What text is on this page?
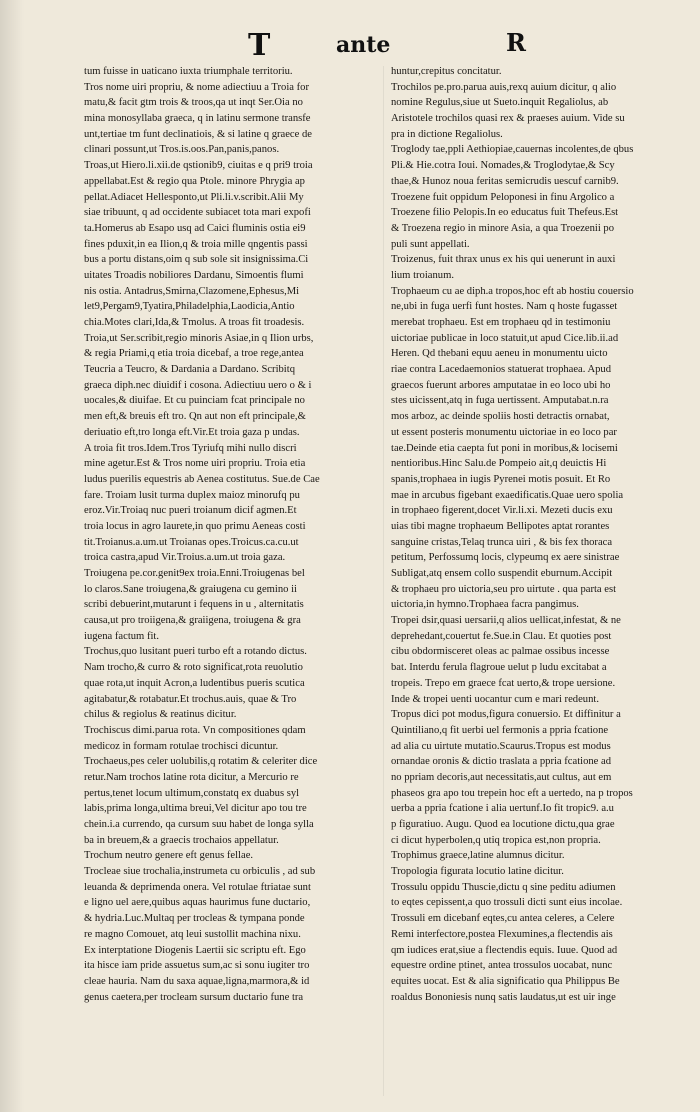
T	ante	R
tum fuisse in uaticano iuxta triumphale territoriu.
Tros nome uiri propriu, & nome adiectiuu a Troia for
matu,& facit gtm trois & troos,qa ut inqt Ser.Oia no
mina monosyllaba graeca, q in latinu sermone transfe
unt,tertiae tm funt declinatiois, & si latine q graece de
clinari possunt,ut Tros.is.oos.Pan,panis,panos.
Troas,ut Hiero.li.xii.de qstionib9, ciuitas e q pri9 troia
appellabat.Est & regio qua Ptole. minore Phrygia ap
pellat.Adiacet Hellesponto,ut Pli.li.v.scribit.Alii My
siae tribuunt, q ad occidente subiacet tota mari expofi
ta.Homerus ab Esapo usq ad Caici fluminis ostia ei9
fines pduxit,in ea Ilion,q & troia mille qngentis passi
bus a portu distans,oim q sub sole sit insignissima.Ci
uitates Troadis nobiliores Dardanu, Simoentis flumi
nis ostia. Antadrus,Smirna,Clazomene,Ephesus,Mi
let9,Pergam9,Tyatira,Philadelphia,Laodicia,Antio
chia.Motes clari,Ida,& Tmolus. A troas fit troadesis.
Troia,ut Ser.scribit,regio minoris Asiae,in q Ilion urbs,
& regia Priami,q etia troia dicebaf, a troe rege,antea
Teucria a Teucro, & Dardania a Dardano. Scribitq
graeca diph.nec diuidif i cosona. Adiectiuu uero o & i
uocales,& diuifae. Et cu puinciam fcat principale no
men eft,& breuis eft tro. Qn aut non eft principale,&
deriuatio eft,tro longa eft.Vir.Et troia gaza p undas.
A troia fit tros.Idem.Tros Tyriufq mihi nullo discri
mine agetur.Est & Tros nome uiri propriu. Troia etia
ludus puerilis equestris ab Aenea costitutus. Sue.de Cae
fare. Troiam lusit turma duplex maioz minorufq pu
eroz.Vir.Troiaq nuc pueri troianum dicif agmen.Et
troia locus in agro laurete,in quo primu Aeneas costi
tit.Troianus.a.um.ut Troianas opes.Troicus.ca.cu.ut
troica castra,apud Vir.Troius.a.um.ut troia gaza.
Troiugena pe.cor.genit9ex troia.Enni.Troiugenas bel
lo claros.Sane troiugena,& graiugena cu gemino ii
scribi debuerint,mutarunt i fequens in u , alternitatis
causa,ut pro troiigena,& graiigena, troiugena & gra
iugena factum fit.
Trochus,quo lusitant pueri turbo eft a rotando dictus.
Nam trocho,& curro & roto significat,rota reuolutio
quae rota,ut inquit Acron,a ludentibus pueris scutica
agitabatur,& rotabatur.Et trochus.auis, quae & Tro
chilus & regiolus & reatinus dicitur.
Trochiscus dimi.parua rota. Vn compositiones qdam
medicoz in formam rotulae trochisci dicuntur.
Trochaeus,pes celer uolubilis,q rotatim & celeriter dice
retur.Nam trochos latine rota dicitur, a Mercurio re
pertus,tenet locum ultimum,constatq ex duabus syl
labis,prima longa,ultima breui,Vel dicitur apo tou tre
chein.i.a currendo, qa cursum suu habet de longa sylla
ba in breuem,& a graecis trochaios appellatur.
Trochum neutro genere eft genus fellae.
Trocleae siue trochalia,instrumeta cu orbiculis , ad sub
leuanda & deprimenda onera. Vel rotulae ftriatae sunt
e ligno uel aere,quibus aquas haurimus fune ductario,
& hydria.Luc.Multaq per trocleas & tympana ponde
re magno Comouet, atq leui sustollit machina nixu.
Ex interptatione Diogenis Laertii sic scriptu eft. Ego
ita hisce iam pride assuetus sum,ac si sonu iugiter tro
cleae hauria. Nam du saxa aquae,ligna,marmora,& id
genus caetera,per trocleam sursum ductario fune tra
huntur,crepitus concitatur.
Trochilos pe.pro.parua auis,rexq auium dicitur, q alio
nomine Regulus,siue ut Sueto.inquit Regaliolus, ab
Aristotele trochilos quasi rex & praeses auium. Vide su
pra in dictione Regaliolus.
Troglody tae,ppli Aethiopiae,cauernas incolentes,de qbus
Pli.& Hie.cotra Ioui. Nomades,& Troglodytae,& Scy
thae,& Hunoz noua feritas semicrudis uescuf carnib9.
Troezene fuit oppidum Peloponesi in finu Argolico a
Troezene filio Pelopis.In eo educatus fuit Thefeus.Est
& Troezena regio in minore Asia, a qua Troezenii po
puli sunt appellati.
Troizenus, fuit thrax unus ex his qui uenerunt in auxi
lium troianum.
Trophaeum cu ae diph.a tropos,hoc eft ab hostiu couersio
ne,ubi in fuga uerfi funt hostes. Nam q hoste fugasset
merebat trophaeu. Est em trophaeu qd in testimoniu
uictoriae publicae in loco statuit,ut apud Cice.lib.ii.ad
Heren. Qd thebani equu aeneu in monumentu uicto
riae contra Lacedaemonios statuerat trophaea. Apud
graecos fuerunt arbores amputatae in eo loco ubi ho
stes uicissent,atq in fuga uertissent. Amputabat.n.ra
mos arboz, ac deinde spoliis hosti detractis ornabat,
ut essent posteris monumentu uictoriae in eo loco par
tae.Deinde etia caepta fut poni in moribus,& locisemi
nentioribus.Hinc Salu.de Pompeio ait,q deuictis Hi
spanis,trophaea in iugis Pyrenei motis posuit. Et Ro
mae in arcubus figebant exaedificatis.Quae uero spolia
in trophaeo figerent,docet Vir.li.xi. Mezeti ducis exu
uias tibi magne trophaeum Bellipotes aptat rorantes
sanguine cristas,Telaq trunca uiri , & bis fex thoraca
petitum, Perfossumq locis, clypeumq ex aere sinistrae
Subligat,atq ensem collo suspendit eburnum.Accipit
& trophaeu pro uictoria,seu pro uirtute . qua parta est
uictoria,in hymno.Trophaea facra pangimus.
Tropei dsir,quasi uersarii,q alios uellicat,infestat, & ne
deprehedant,couertut fe.Sue.in Clau. Et quoties post
cibu obdormisceret oleas ac palmae ossibus incesse
bat. Interdu ferula flagroue uelut p ludu excitabat a
tropeis. Trepo em graece fcat uerto,& trope uersione.
Inde & tropei uenti uocantur cum e mari redeunt.
Tropus dici pot modus,figura conuersio. Et diffinitur a
Quintiliano,q fit uerbi uel fermonis a ppria fcatione
ad alia cu uirtute mutatio.Scaurus.Tropus est modus
ornandae oronis & dictio traslata a ppria fcatione ad
no ppriam decoris,aut necessitatis,aut cultus, aut em
phaseos gra apo tou trepein hoc eft a uertedo, na p tropos
uerba a ppria fcatione i alia uertunf.Io fit tropic9. a.u
p figuratiuo. Augu. Quod ea locutione dictu,qua grae
ci dicut hyperbolen,q utiq tropica est,non propria.
Trophimus graece,latine alumnus dicitur.
Tropologia figurata locutio latine dicitur.
Trossulu oppidu Thuscie,dictu q sine peditu adiumen
to eqtes cepissent,a quo trossuli dicti sunt eius incolae.
Trossuli em dicebanf eqtes,cu antea celeres, a Celere
Remi interfectore,postea Flexumines,a flectendis ais
qm iudices erat,siue a flectendis equis. Iuue. Quod ad
equestre ordine ptinet, antea trossulos uocabat, nunc
equites uocat. Est & alia significatio qua Philippus Be
roaldus Bononiesis nunq satis laudatus,ut est uir inge
